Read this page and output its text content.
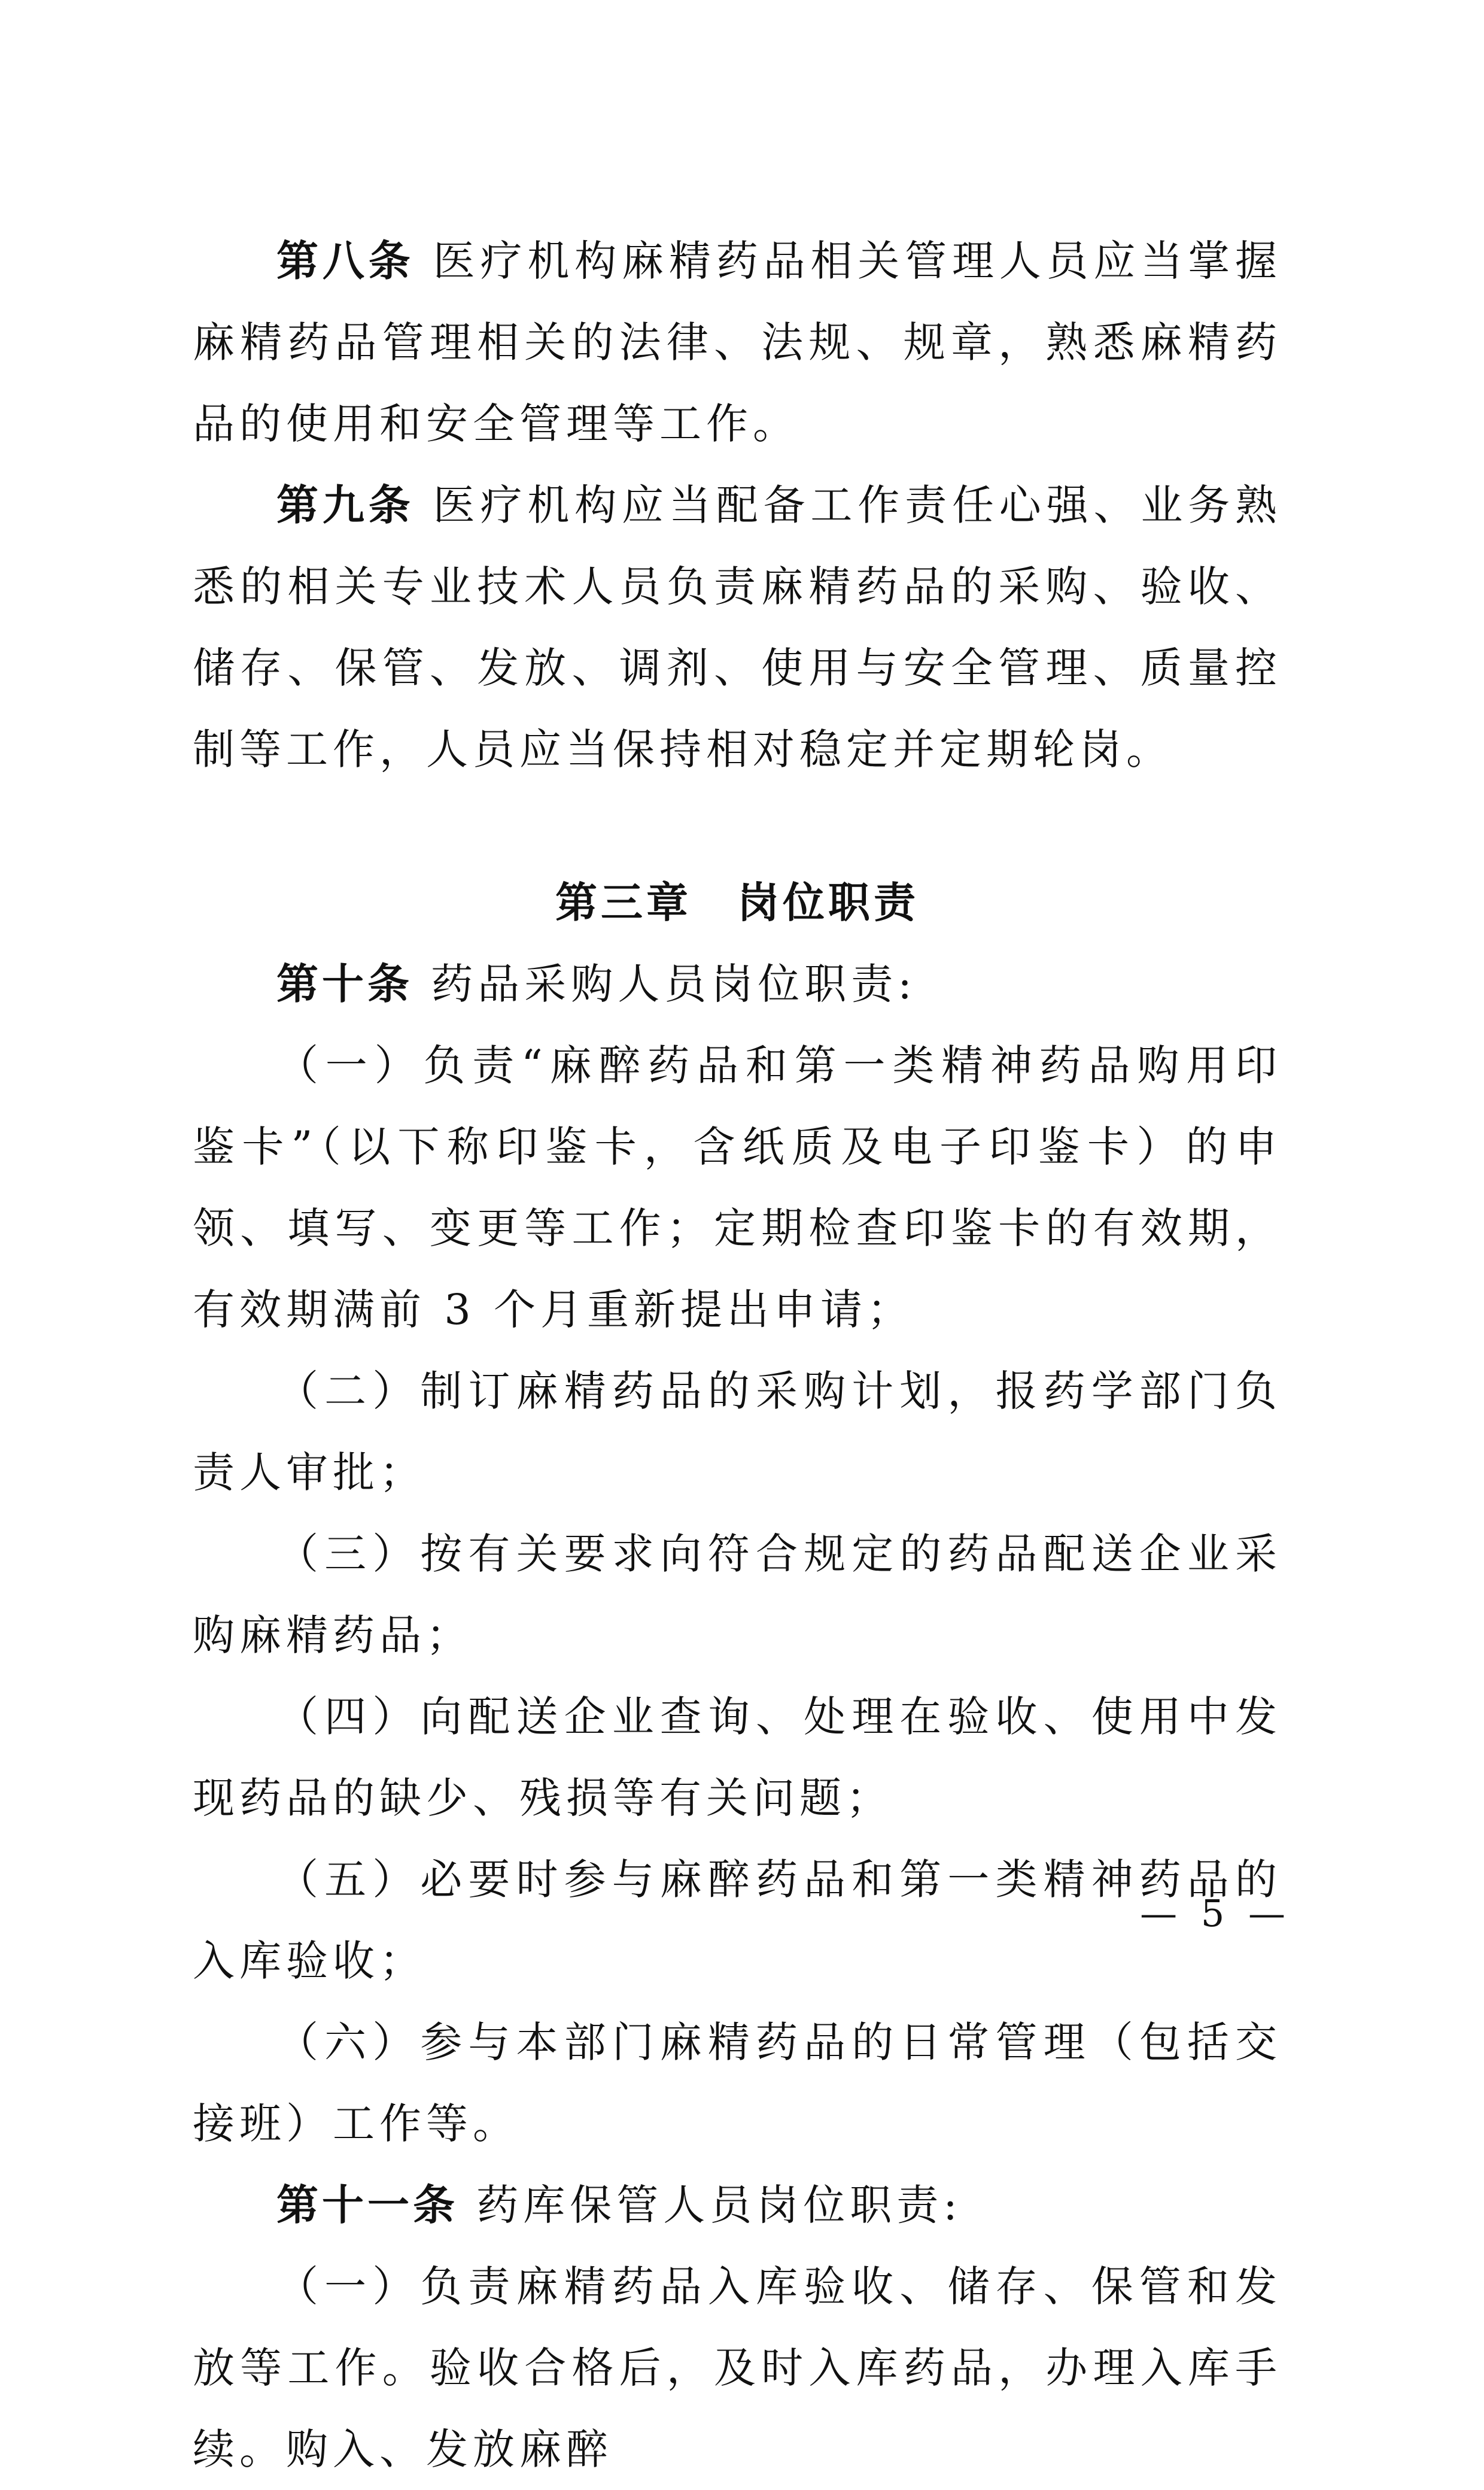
第八条 医疗机构麻精药品相关管理人员应当掌握麻精药品管理相关的法律、法规、规章，熟悉麻精药品的使用和安全管理等工作。

第九条 医疗机构应当配备工作责任心强、业务熟悉的相关专业技术人员负责麻精药品的采购、验收、储存、保管、发放、调剂、使用与安全管理、质量控制等工作，人员应当保持相对稳定并定期轮岗。

第三章　岗位职责

第十条 药品采购人员岗位职责:

（一）负责“麻醉药品和第一类精神药品购用印鉴卡”（以下称印鉴卡，含纸质及电子印鉴卡）的申领、填写、变更等工作；定期检查印鉴卡的有效期，有效期满前 3 个月重新提出申请；

（二）制订麻精药品的采购计划，报药学部门负责人审批；

（三）按有关要求向符合规定的药品配送企业采购麻精药品；

（四）向配送企业查询、处理在验收、使用中发现药品的缺少、残损等有关问题；

（五）必要时参与麻醉药品和第一类精神药品的入库验收；

（六）参与本部门麻精药品的日常管理（包括交接班）工作等。

第十一条 药库保管人员岗位职责:

（一）负责麻精药品入库验收、储存、保管和发放等工作。验收合格后，及时入库药品，办理入库手续。购入、发放麻醉

— 5 —
